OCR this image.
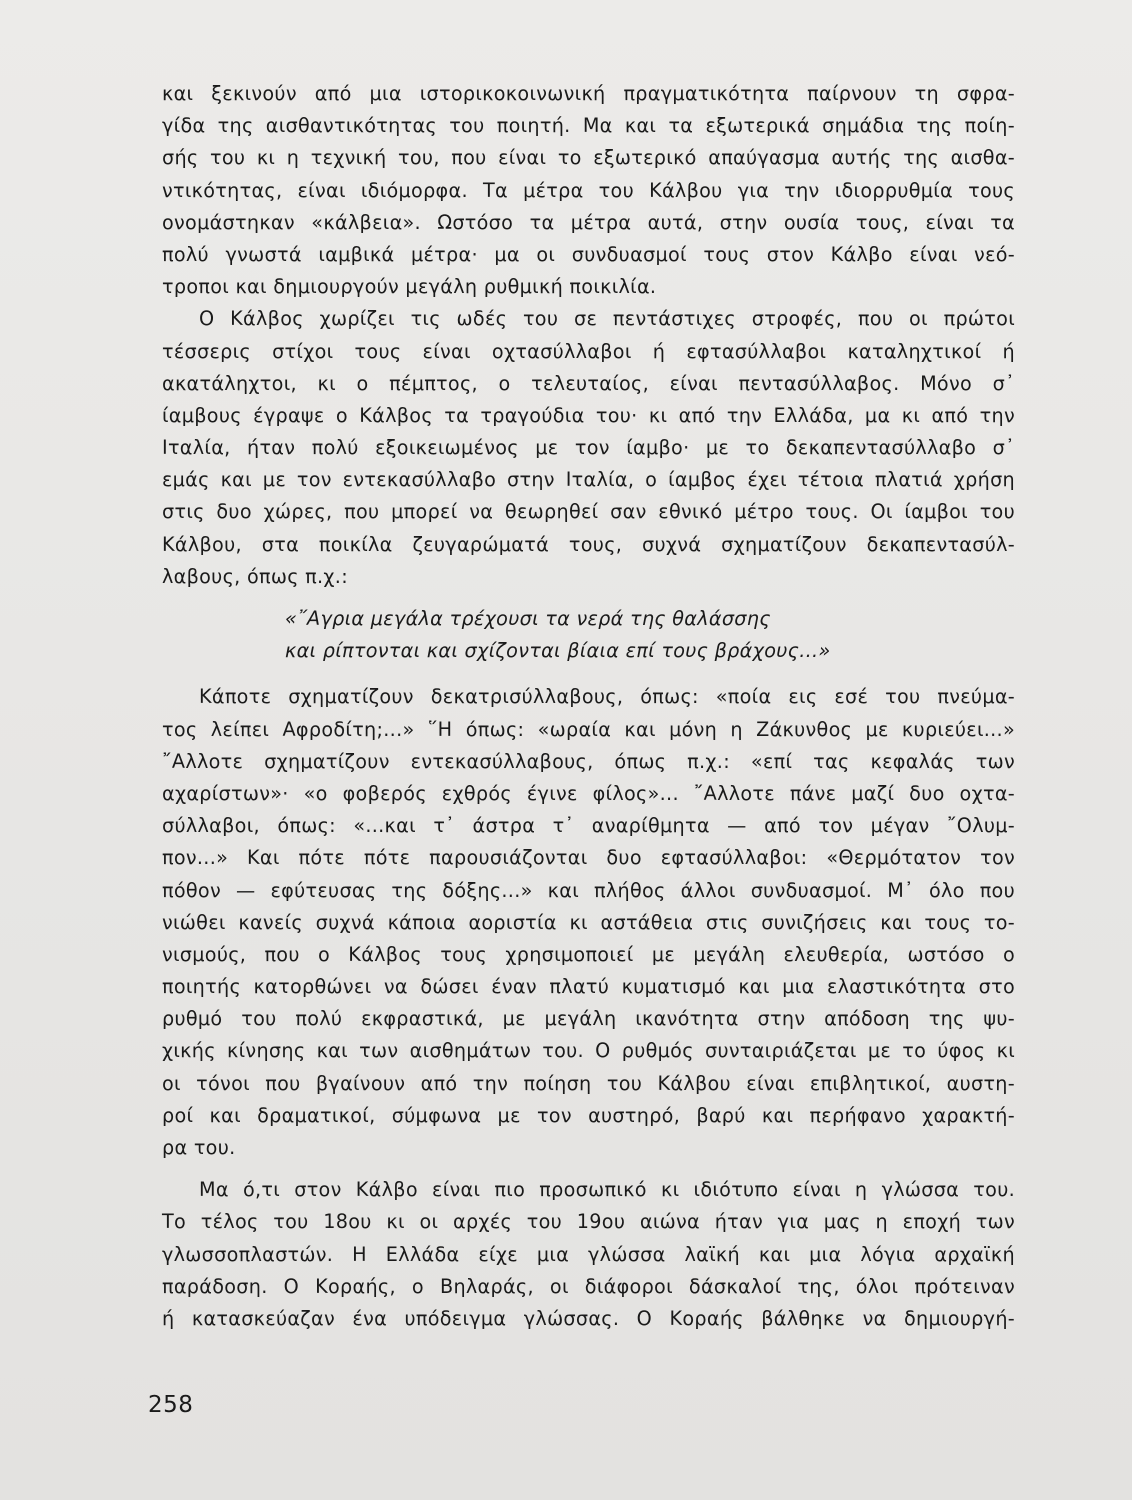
και ξεκινούν από μια ιστορικοκοινωνική πραγματικότητα παίρνουν τη σφρα-
γίδα της αισθαντικότητας του ποιητή. Μα και τα εξωτερικά σημάδια της ποίη-
σής του κι η τεχνική του, που είναι το εξωτερικό απαύγασμα αυτής της αισθα-
ντικότητας, είναι ιδιόμορφα. Τα μέτρα του Κάλβου για την ιδιορρυθμία τους
ονομάστηκαν «κάλβεια». Ωστόσο τα μέτρα αυτά, στην ουσία τους, είναι τα
πολύ γνωστά ιαμβικά μέτρα· μα οι συνδυασμοί τους στον Κάλβο είναι νεό-
τροποι και δημιουργούν μεγάλη ρυθμική ποικιλία.
Ο Κάλβος χωρίζει τις ωδές του σε πεντάστιχες στροφές, που οι πρώτοι
τέσσερις στίχοι τους είναι οχτασύλλαβοι ή εφτασύλλαβοι καταληχτικοί ή
ακατάληχτοι, κι ο πέμπτος, ο τελευταίος, είναι πεντασύλλαβος. Μόνο σ᾽
ίαμβους έγραψε ο Κάλβος τα τραγούδια του· κι από την Ελλάδα, μα κι από την
Ιταλία, ήταν πολύ εξοικειωμένος με τον ίαμβο· με το δεκαπεντασύλλαβο σ᾽
εμάς και με τον εντεκασύλλαβο στην Ιταλία, ο ίαμβος έχει τέτοια πλατιά χρήση
στις δυο χώρες, που μπορεί να θεωρηθεί σαν εθνικό μέτρο τους. Οι ίαμβοι του
Κάλβου, στα ποικίλα ζευγαρώματά τους, συχνά σχηματίζουν δεκαπεντασύλ-
λαβους, όπως π.χ.:
«῎Αγρια μεγάλα τρέχουσι τα νερά της θαλάσσης
και ρίπτονται και σχίζονται βίαια επί τους βράχους...»
Κάποτε σχηματίζουν δεκατρισύλλαβους, όπως: «ποία εις εσέ του πνεύμα-
τος λείπει Αφροδίτη;...» ῞Η όπως: «ωραία και μόνη η Ζάκυνθος με κυριεύει...»
῎Αλλοτε σχηματίζουν εντεκασύλλαβους, όπως π.χ.: «επί τας κεφαλάς των
αχαρίστων»· «ο φοβερός εχθρός έγινε φίλος»... ῎Αλλοτε πάνε μαζί δυο οχτα-
σύλλαβοι, όπως: «...και τ᾽ άστρα τ᾽ αναρίθμητα — από τον μέγαν ῎Ολυμ-
πον...» Και πότε πότε παρουσιάζονται δυο εφτασύλλαβοι: «Θερμότατον τον
πόθον — εφύτευσας της δόξης...» και πλήθος άλλοι συνδυασμοί. Μ᾽ όλο που
νιώθει κανείς συχνά κάποια αοριστία κι αστάθεια στις συνιζήσεις και τους το-
νισμούς, που ο Κάλβος τους χρησιμοποιεί με μεγάλη ελευθερία, ωστόσο ο
ποιητής κατορθώνει να δώσει έναν πλατύ κυματισμό και μια ελαστικότητα στο
ρυθμό του πολύ εκφραστικά, με μεγάλη ικανότητα στην απόδοση της ψυ-
χικής κίνησης και των αισθημάτων του. Ο ρυθμός συνταιριάζεται με το ύφος κι
οι τόνοι που βγαίνουν από την ποίηση του Κάλβου είναι επιβλητικοί, αυστη-
ροί και δραματικοί, σύμφωνα με τον αυστηρό, βαρύ και περήφανο χαρακτή-
ρα του.
Μα ό,τι στον Κάλβο είναι πιο προσωπικό κι ιδιότυπο είναι η γλώσσα του.
Το τέλος του 18ου κι οι αρχές του 19ου αιώνα ήταν για μας η εποχή των
γλωσσοπλαστών. Η Ελλάδα είχε μια γλώσσα λαϊκή και μια λόγια αρχαϊκή
παράδοση. Ο Κοραής, ο Βηλαράς, οι διάφοροι δάσκαλοί της, όλοι πρότειναν
ή κατασκεύαζαν ένα υπόδειγμα γλώσσας. Ο Κοραής βάλθηκε να δημιουργή-
258
